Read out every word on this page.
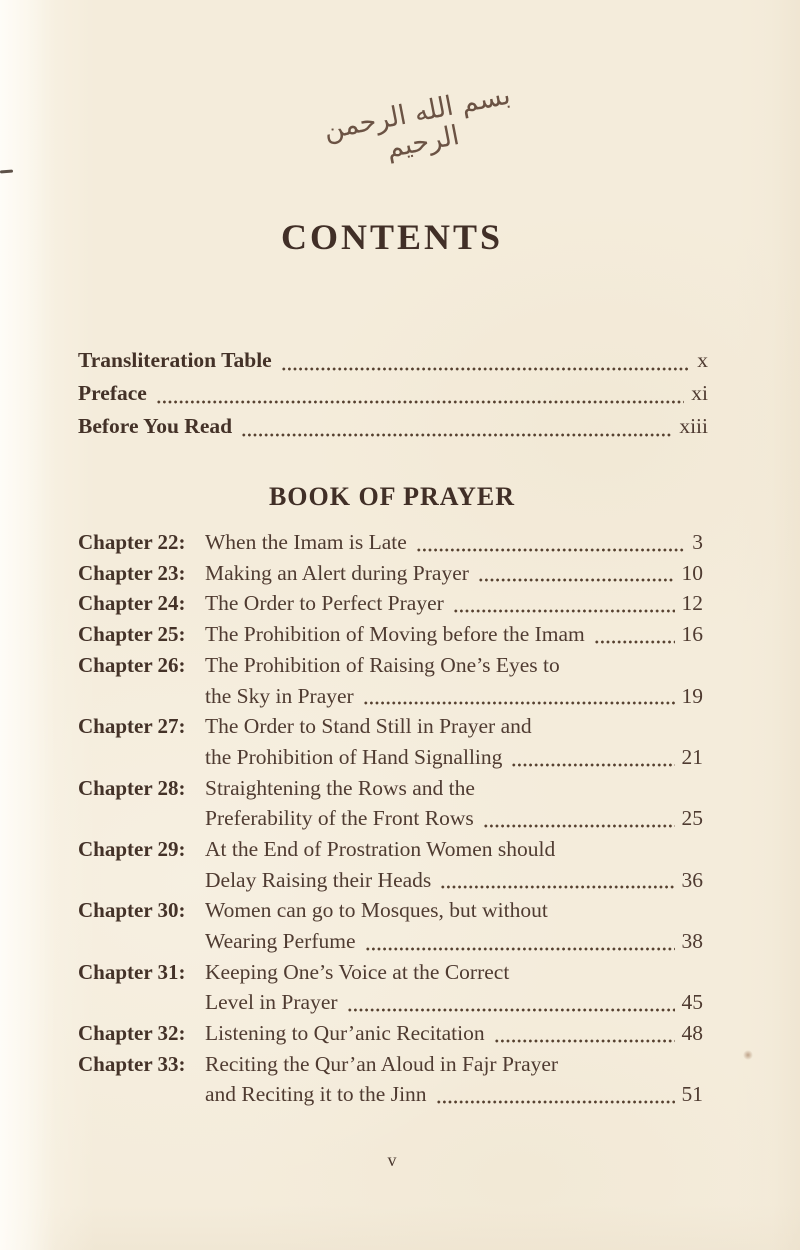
بسم الله الرحمن الرحيم
CONTENTS
Transliteration Table	x
Preface	xi
Before You Read	xiii
BOOK OF PRAYER
Chapter 22: When the Imam is Late	3
Chapter 23: Making an Alert during Prayer	10
Chapter 24: The Order to Perfect Prayer	12
Chapter 25: The Prohibition of Moving before the Imam	16
Chapter 26: The Prohibition of Raising One’s Eyes to
the Sky in Prayer	19
Chapter 27: The Order to Stand Still in Prayer and
the Prohibition of Hand Signalling	21
Chapter 28: Straightening the Rows and the
Preferability of the Front Rows	25
Chapter 29: At the End of Prostration Women should
Delay Raising their Heads	36
Chapter 30: Women can go to Mosques, but without
Wearing Perfume	38
Chapter 31: Keeping One’s Voice at the Correct
Level in Prayer	45
Chapter 32: Listening to Qur’anic Recitation	48
Chapter 33: Reciting the Qur’an Aloud in Fajr Prayer
and Reciting it to the Jinn	51
v
